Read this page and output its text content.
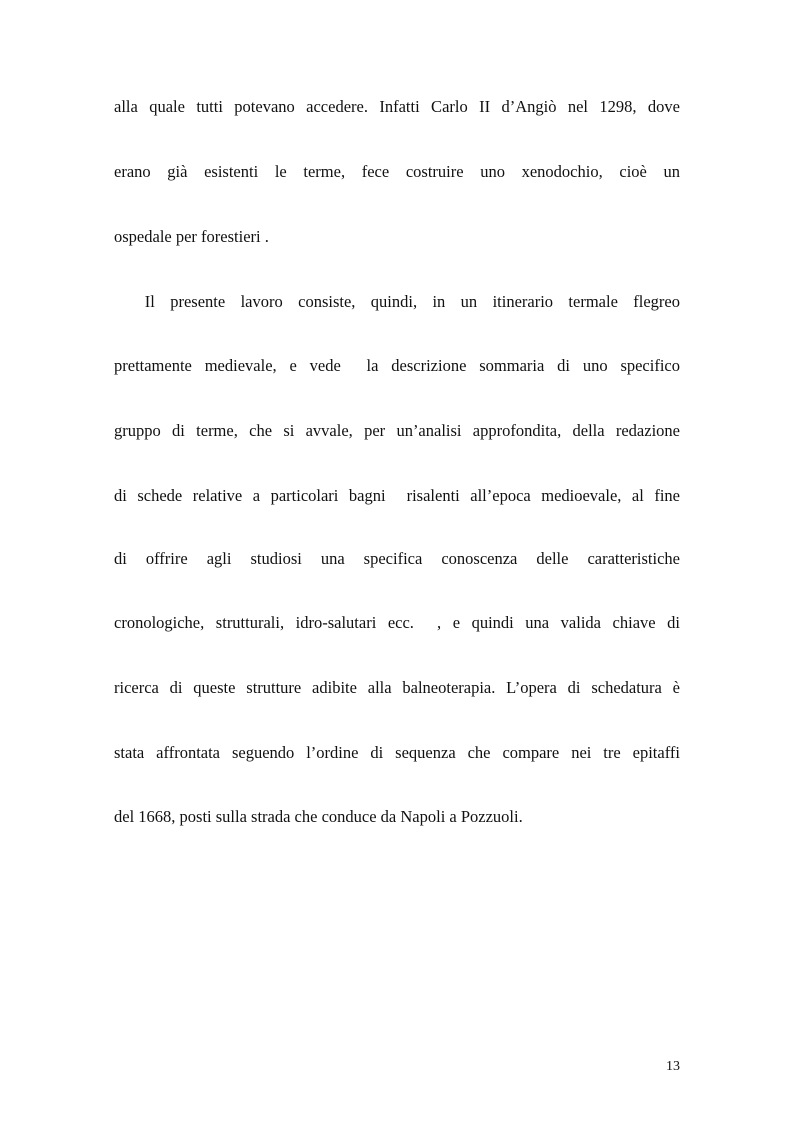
alla quale tutti potevano accedere. Infatti Carlo II d’Angiò nel 1298, dove
erano già esistenti le terme, fece costruire uno xenodochio, cioè un
ospedale per forestieri .
Il presente lavoro consiste, quindi, in un itinerario termale flegreo
prettamente medievale, e vede  la descrizione sommaria di uno specifico
gruppo di terme, che si avvale, per un’analisi approfondita, della redazione
di schede relative a particolari bagni  risalenti all’epoca medioevale, al fine
di offrire agli studiosi una specifica conoscenza delle caratteristiche
cronologiche, strutturali, idro-salutari ecc.  , e quindi una valida chiave di
ricerca di queste strutture adibite alla balneoterapia. L’opera di schedatura è
stata affrontata seguendo l’ordine di sequenza che compare nei tre epitaffi
del 1668, posti sulla strada che conduce da Napoli a Pozzuoli.
13
